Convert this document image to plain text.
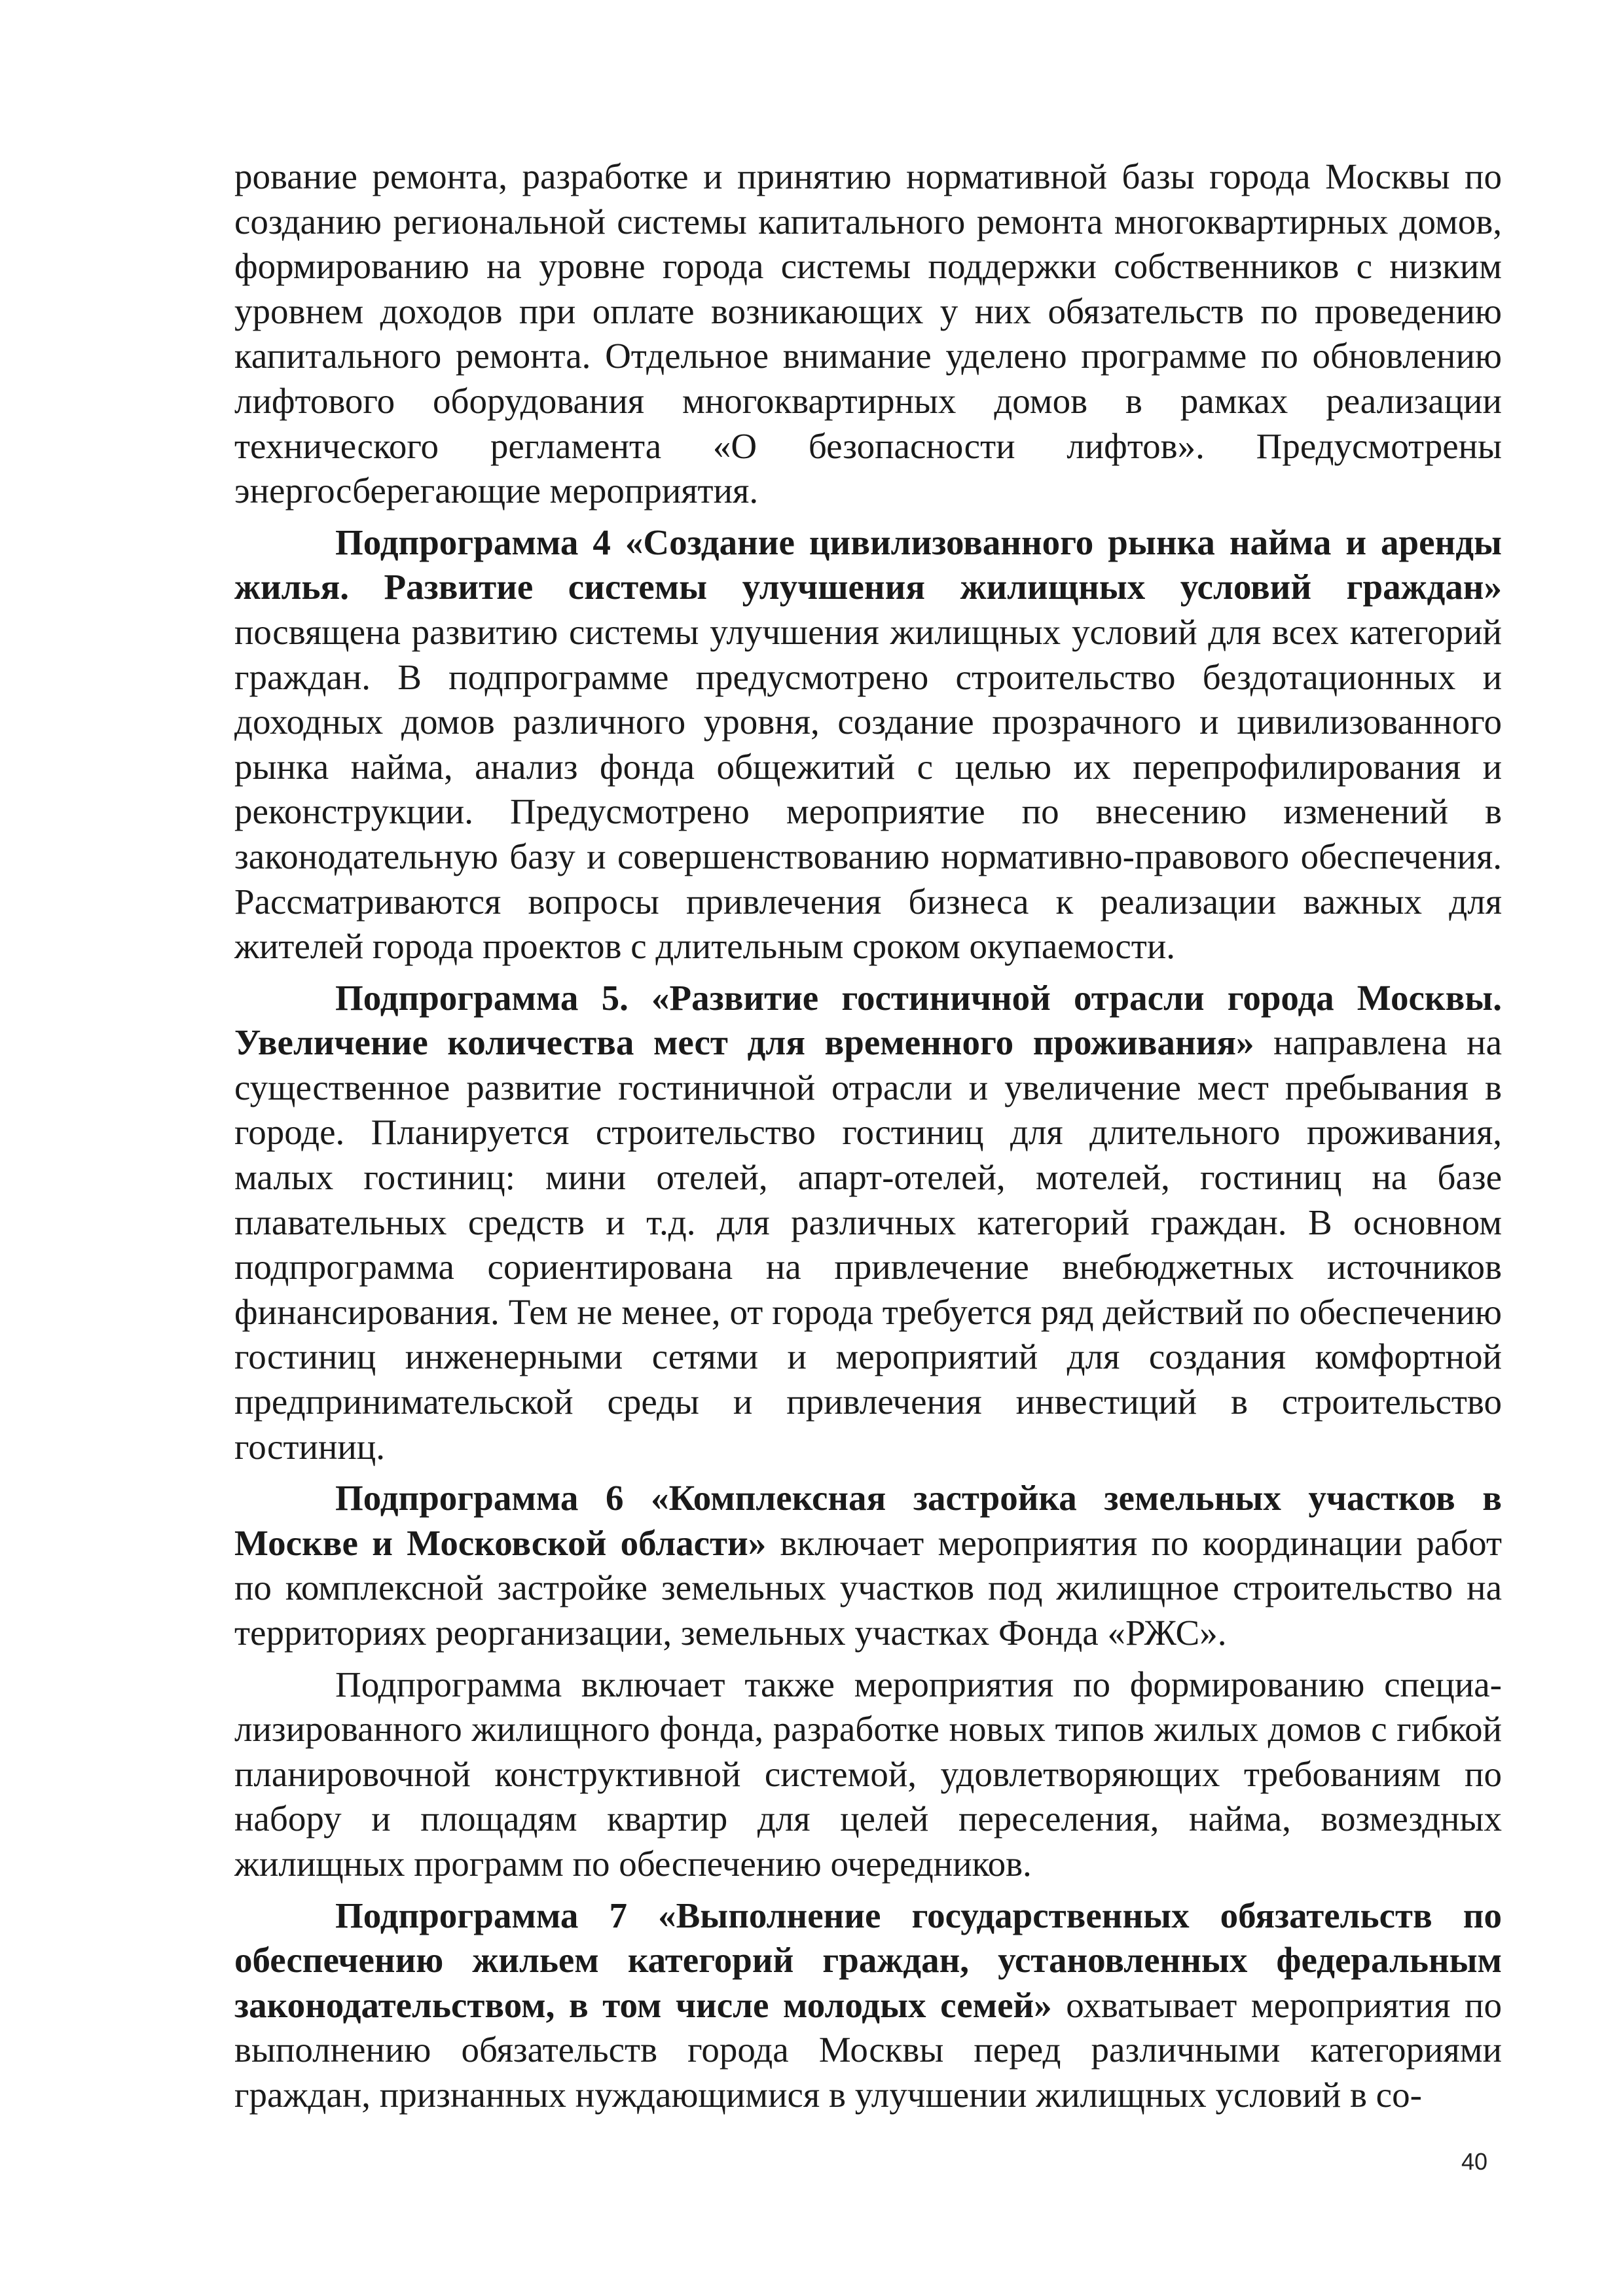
рование ремонта, разработке и принятию нормативной базы города Москвы по созданию региональной системы капитального ремонта многоквартирных домов, формированию на уровне города системы поддержки собственников с низким уровнем доходов при оплате возникающих у них обязательств по проведению капитального ремонта. Отдельное внимание уделено программе по обновлению лифтового оборудования многоквартирных домов в рамках реализации технического регламента «О безопасности лифтов». Предусмотрены энергосберегающие мероприятия.

Подпрограмма 4 «Создание цивилизованного рынка найма и аренды жилья. Развитие системы улучшения жилищных условий граждан» посвящена развитию системы улучшения жилищных условий для всех категорий граждан. В подпрограмме предусмотрено строительство бездотационных и доходных домов различного уровня, создание прозрачного и цивилизованного рынка найма, анализ фонда общежитий с целью их перепрофилирования и реконструкции. Предусмотрено мероприятие по внесению изменений в законодательную базу и совершенствованию нормативно-правового обеспечения. Рассматриваются вопросы привлечения бизнеса к реализации важных для жителей города проектов с длительным сроком окупаемости.

Подпрограмма 5. «Развитие гостиничной отрасли города Москвы. Увеличение количества мест для временного проживания» направлена на существенное развитие гостиничной отрасли и увеличение мест пребывания в городе. Планируется строительство гостиниц для длительного проживания, малых гостиниц: мини отелей, апарт-отелей, мотелей, гостиниц на базе плавательных средств и т.д. для различных категорий граждан. В основном подпрограмма сориентирована на привлечение внебюджетных источников финансирования. Тем не менее, от города требуется ряд действий по обеспечению гостиниц инженерными сетями и мероприятий для создания комфортной предпринимательской среды и привлечения инвестиций в строительство гостиниц.

Подпрограмма 6 «Комплексная застройка земельных участков в Москве и Московской области» включает мероприятия по координации работ по комплексной застройке земельных участков под жилищное строительство на территориях реорганизации, земельных участках Фонда «РЖС».

Подпрограмма включает также мероприятия по формированию специализированного жилищного фонда, разработке новых типов жилых домов с гибкой планировочной конструктивной системой, удовлетворяющих требованиям по набору и площадям квартир для целей переселения, найма, возмездных жилищных программ по обеспечению очередников.

Подпрограмма 7 «Выполнение государственных обязательств по обеспечению жильем категорий граждан, установленных федеральным законодательством, в том числе молодых семей» охватывает мероприятия по выполнению обязательств города Москвы перед различными категориями граждан, признанных нуждающимися в улучшении жилищных условий в со-

40
